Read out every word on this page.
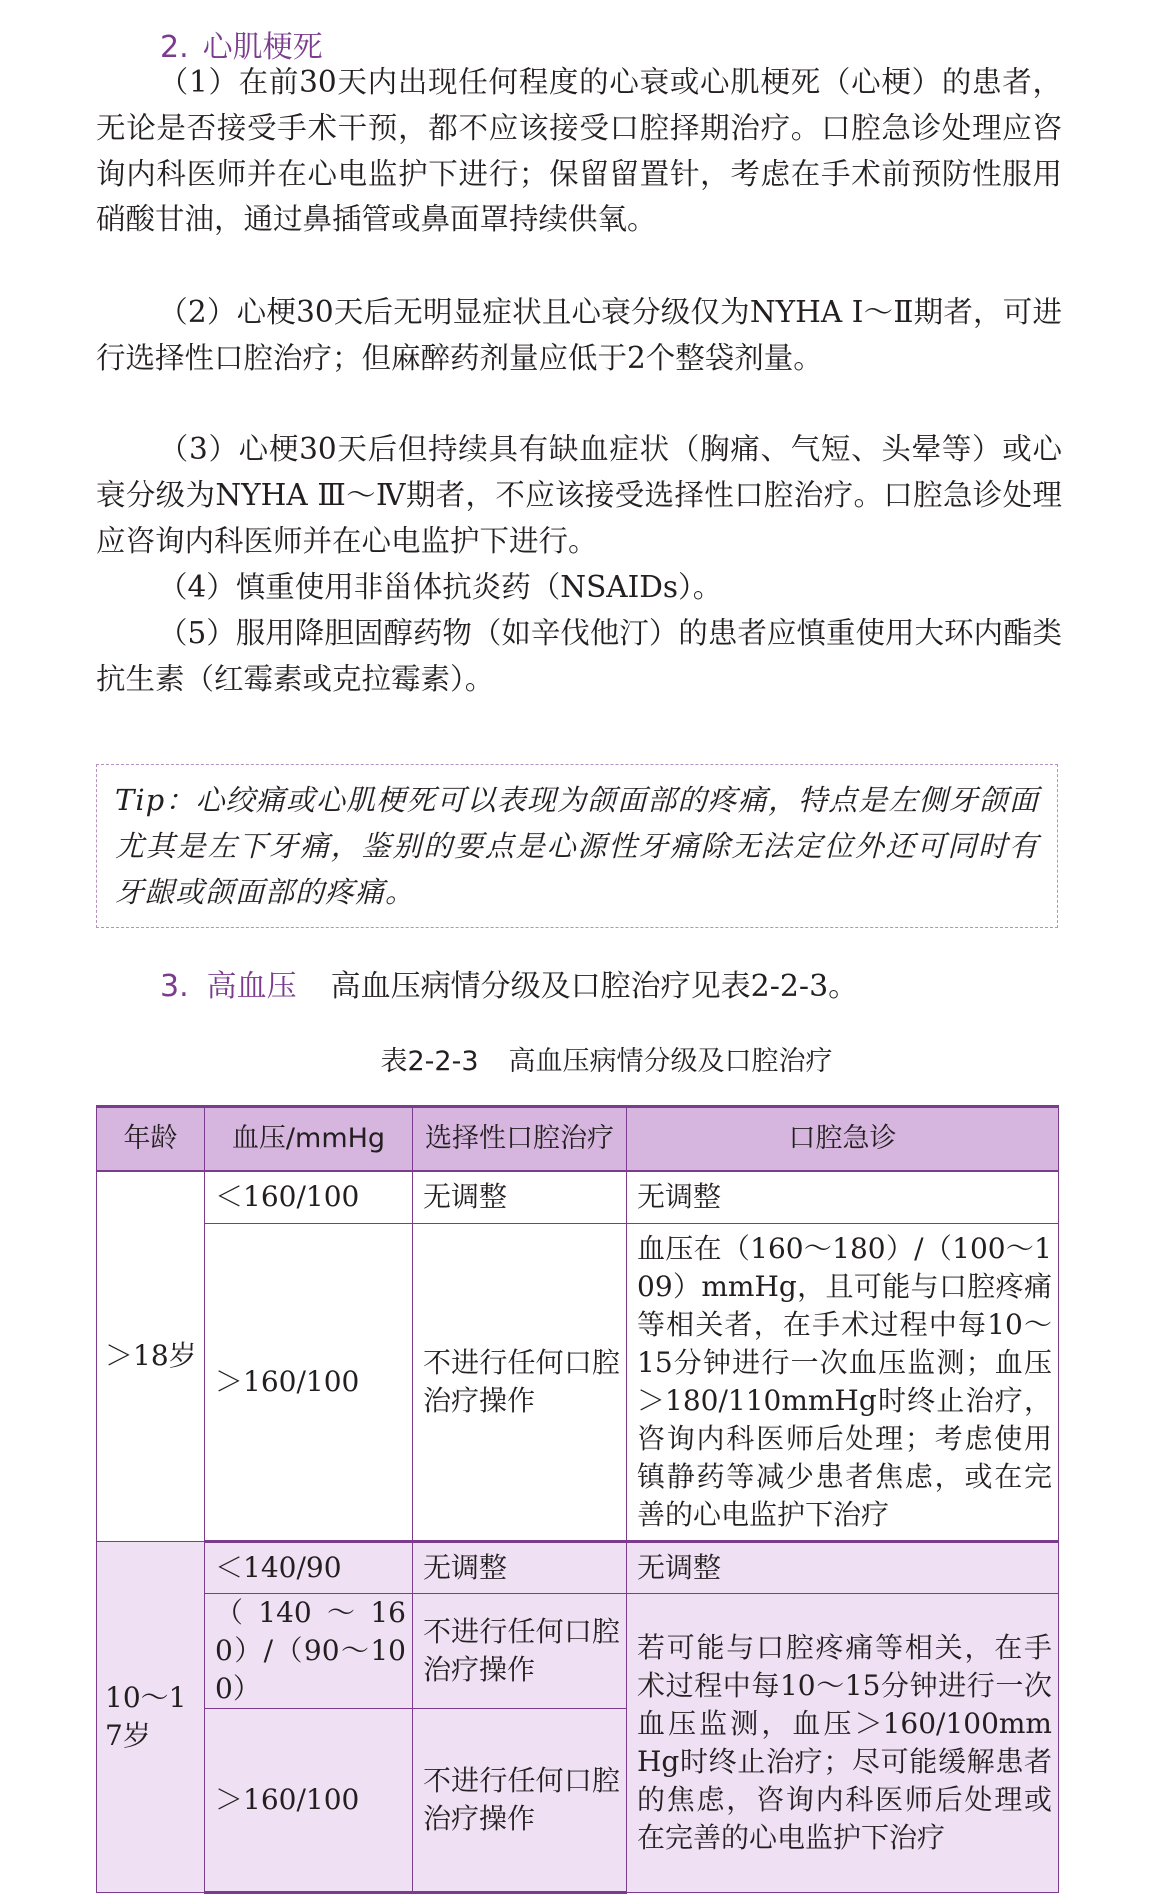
2. 心肌梗死

（1）在前30天内出现任何程度的心衰或心肌梗死（心梗）的患者，无论是否接受手术干预，都不应该接受口腔择期治疗。口腔急诊处理应咨询内科医师并在心电监护下进行；保留留置针，考虑在手术前预防性服用硝酸甘油，通过鼻插管或鼻面罩持续供氧。

（2）心梗30天后无明显症状且心衰分级仅为NYHA Ⅰ～Ⅱ期者，可进行选择性口腔治疗；但麻醉药剂量应低于2个整袋剂量。

（3）心梗30天后但持续具有缺血症状（胸痛、气短、头晕等）或心衰分级为NYHA Ⅲ～Ⅳ期者，不应该接受选择性口腔治疗。口腔急诊处理应咨询内科医师并在心电监护下进行。

（4）慎重使用非甾体抗炎药（NSAIDs）。

（5）服用降胆固醇药物（如辛伐他汀）的患者应慎重使用大环内酯类抗生素（红霉素或克拉霉素）。

Tip：心绞痛或心肌梗死可以表现为颌面部的疼痛，特点是左侧牙颌面尤其是左下牙痛，鉴别的要点是心源性牙痛除无法定位外还可同时有牙龈或颌面部的疼痛。

3. 高血压 高血压病情分级及口腔治疗见表2-2-3。

表2-2-3 高血压病情分级及口腔治疗

年龄	血压/mmHg	选择性口腔治疗	口腔急诊
＞18岁	＜160/100	无调整	无调整
	＞160/100	不进行任何口腔治疗操作	血压在（160～180）/（100～109）mmHg，且可能与口腔疼痛等相关者，在手术过程中每10～15分钟进行一次血压监测；血压＞180/110mmHg时终止治疗，咨询内科医师后处理；考虑使用镇静药等减少患者焦虑，或在完善的心电监护下治疗
10～17岁	＜140/90	无调整	无调整
	（140～160）/（90～100）	不进行任何口腔治疗操作	若可能与口腔疼痛等相关，在手术过程中每10～15分钟进行一次血压监测，血压＞160/100mmHg时终止治疗；尽可能缓解患者的焦虑，咨询内科医师后处理或在完善的心电监护下治疗
	＞160/100	不进行任何口腔治疗操作	
